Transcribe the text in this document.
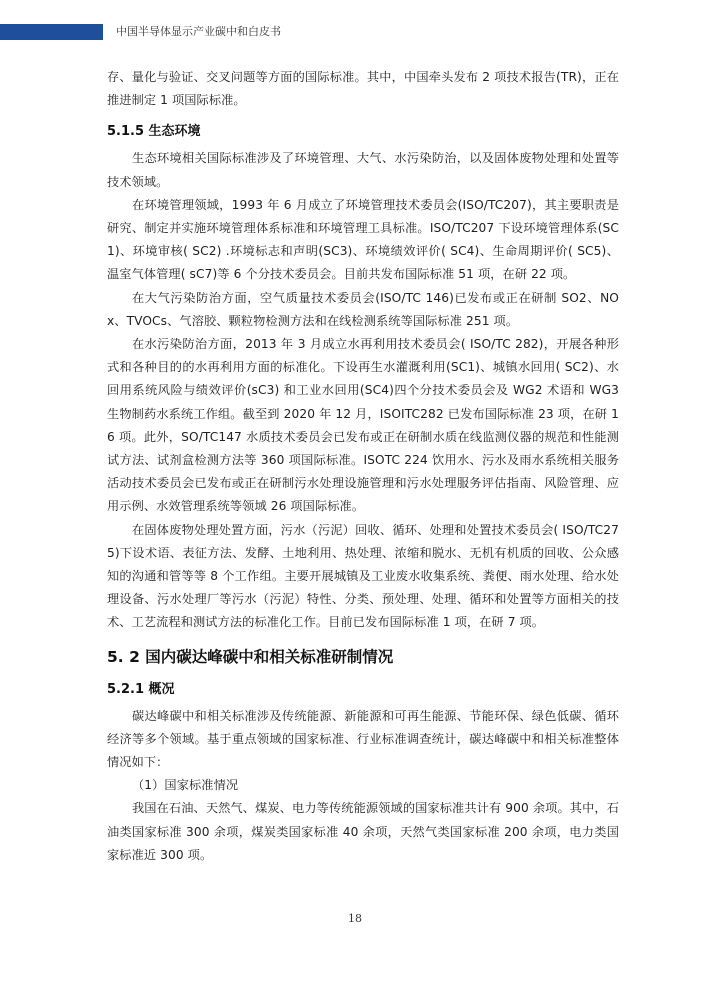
中国半导体显示产业碳中和白皮书

存、量化与验证、交叉问题等方面的国际标准。其中，中国牵头发布 2 项技术报告(TR)，正在推进制定 1 项国际标准。

5.1.5 生态环境

生态环境相关国际标准涉及了环境管理、大气、水污染防治，以及固体废物处理和处置等技术领域。

在环境管理领域，1993 年 6 月成立了环境管理技术委员会(ISO/TC207)，其主要职责是研究、制定并实施环境管理体系标准和环境管理工具标准。ISO/TC207 下设环境管理体系(SC1)、环境审核( SC2) .环境标志和声明(SC3)、环境绩效评价( SC4)、生命周期评价( SC5)、温室气体管理( sC7)等 6 个分技术委员会。目前共发布国际标准 51 项，在研 22 项。

在大气污染防治方面，空气质量技术委员会(ISO/TC 146)已发布或正在研制 SO2、NOx、TVOCs、气溶胶、颗粒物检测方法和在线检测系统等国际标准 251 项。

在水污染防治方面，2013 年 3 月成立水再利用技术委员会( ISO/TC 282)，开展各种形式和各种目的的水再利用方面的标准化。下设再生水灌溉利用(SC1)、城镇水回用( SC2)、水回用系统风险与绩效评价(sC3) 和工业水回用(SC4)四个分技术委员会及 WG2 术语和 WG3 生物制药水系统工作组。截至到 2020 年 12 月，ISOITC282 已发布国际标准 23 项，在研 16 项。此外，SO/TC147 水质技术委员会已发布或正在研制水质在线监测仪器的规范和性能测试方法、试剂盒检测方法等 360 项国际标准。ISOTC 224 饮用水、污水及雨水系统相关服务活动技术委员会已发布或正在研制污水处理设施管理和污水处理服务评估指南、风险管理、应用示例、水效管理系统等领域 26 项国际标准。

在固体废物处理处置方面，污水（污泥）回收、循环、处理和处置技术委员会( ISO/TC275)下设术语、表征方法、发酵、土地利用、热处理、浓缩和脱水、无机有机质的回收、公众感知的沟通和管等等 8 个工作组。主要开展城镇及工业废水收集系统、粪便、雨水处理、给水处理设备、污水处理厂等污水（污泥）特性、分类、预处理、处理、循环和处置等方面相关的技术、工艺流程和测试方法的标准化工作。目前已发布国际标准 1 项，在研 7 项。

5. 2 国内碳达峰碳中和相关标准研制情况
5.2.1 概况

碳达峰碳中和相关标准涉及传统能源、新能源和可再生能源、节能环保、绿色低碳、循环经济等多个领域。基于重点领域的国家标准、行业标准调查统计，碳达峰碳中和相关标准整体情况如下：

（1）国家标准情况

我国在石油、天然气、煤炭、电力等传统能源领域的国家标准共计有 900 余项。其中，石油类国家标准 300 余项，煤炭类国家标准 40 余项，天然气类国家标准 200 余项，电力类国家标准近 300 项。

18
